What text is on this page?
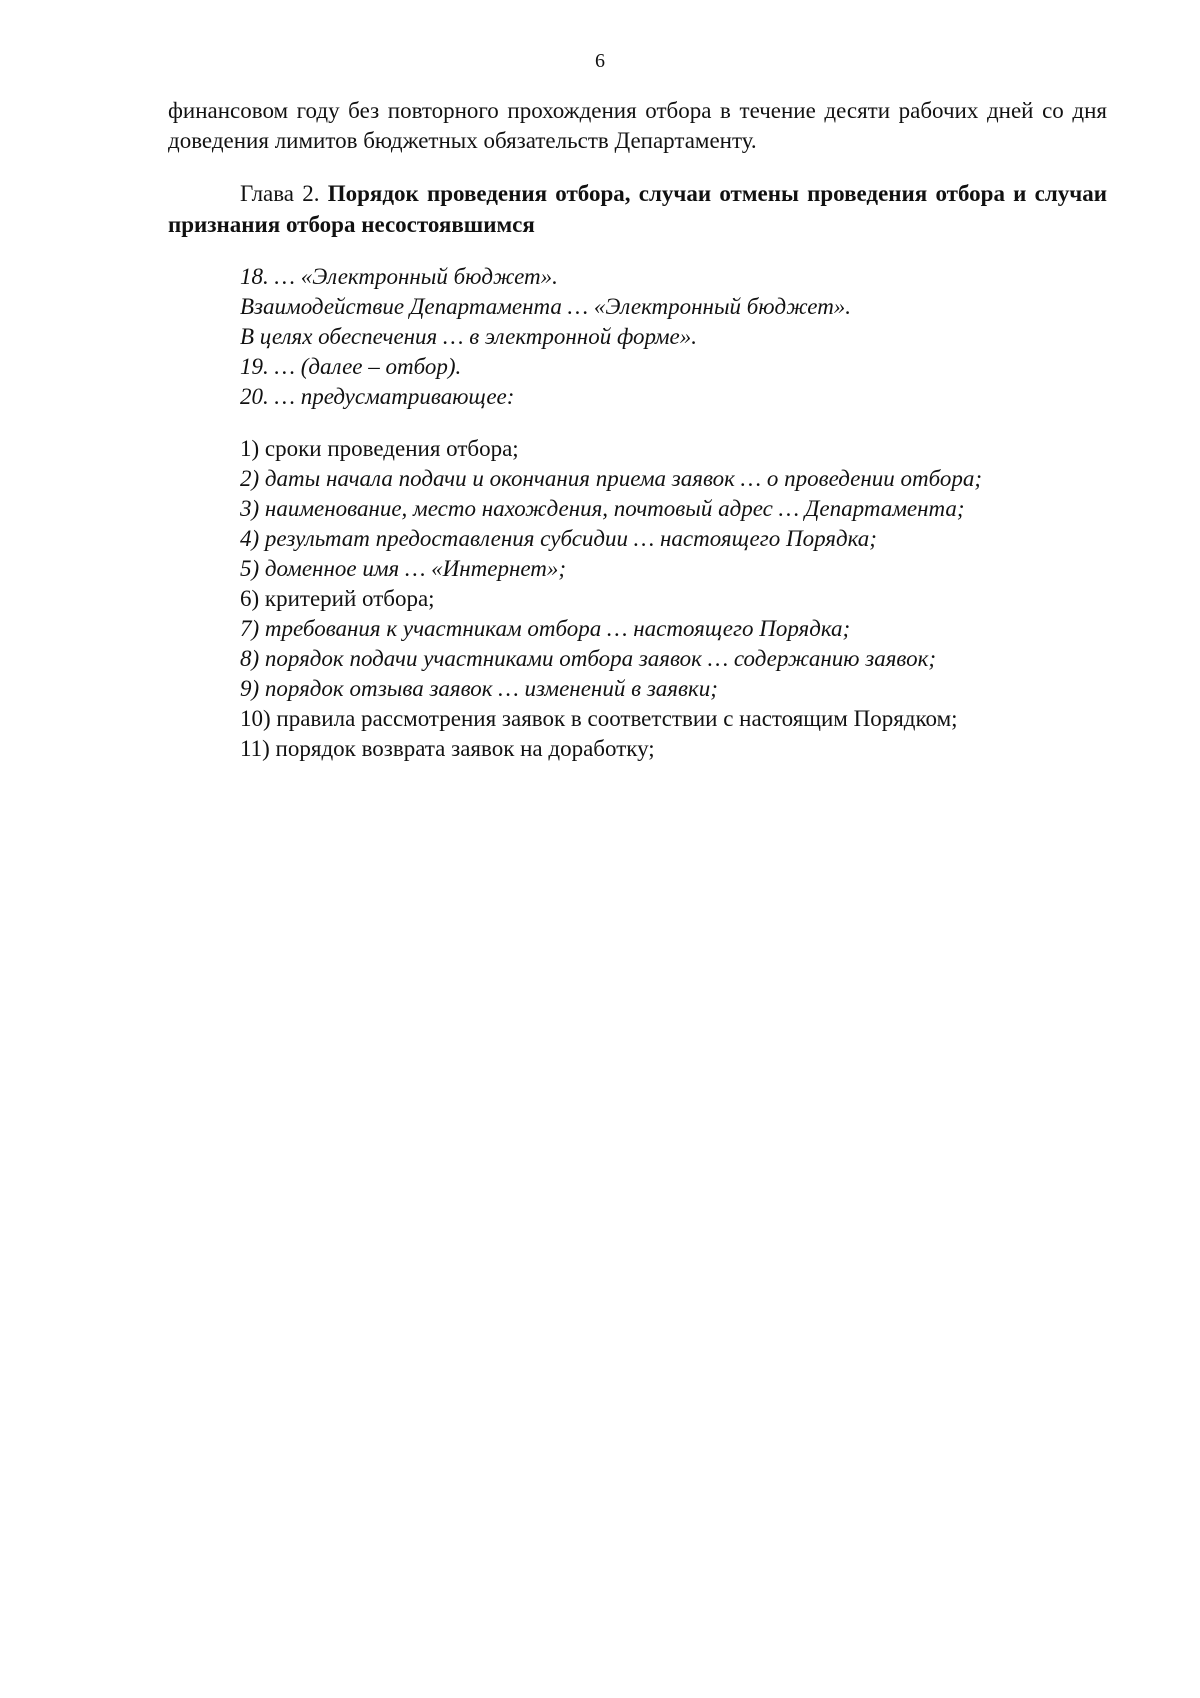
6

финансовом году без повторного прохождения отбора в течение десяти рабочих дней со дня доведения лимитов бюджетных обязательств Департаменту.

Глава 2. Порядок проведения отбора, случаи отмены проведения отбора и случаи признания отбора несостоявшимся

18. … «Электронный бюджет».

Взаимодействие Департамента … «Электронный бюджет».

В целях обеспечения … в электронной форме».

19. … (далее – отбор).

20. … предусматривающее:

1) сроки проведения отбора;

2) даты начала подачи и окончания приема заявок … о проведении отбора;

3) наименование, место нахождения, почтовый адрес … Департамента;

4) результат предоставления субсидии … настоящего Порядка;

5) доменное имя … «Интернет»;

6) критерий отбора;

7) требования к участникам отбора … настоящего Порядка;

8) порядок подачи участниками отбора заявок … содержанию заявок;

9) порядок отзыва заявок … изменений в заявки;

10) правила рассмотрения заявок в соответствии с настоящим Порядком;

11) порядок возврата заявок на доработку;
